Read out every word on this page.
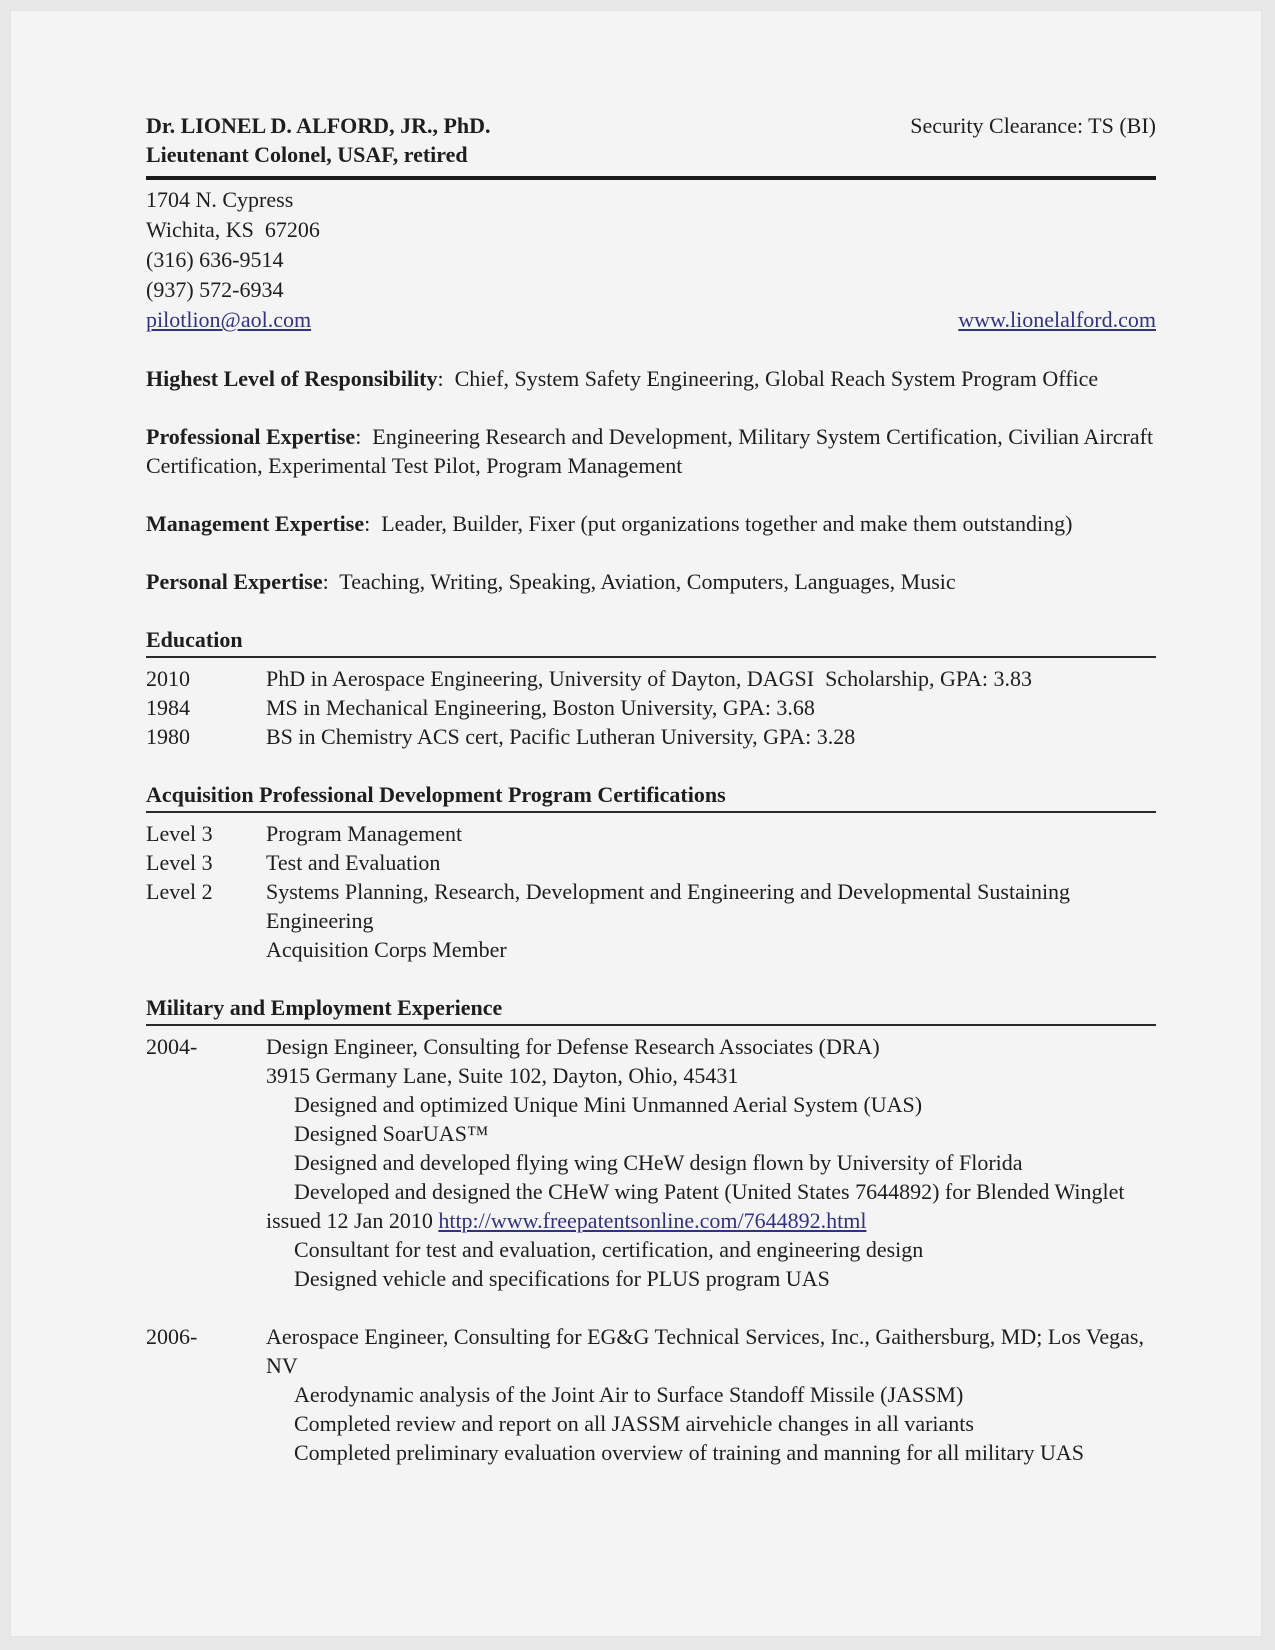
Dr. LIONEL D. ALFORD, JR., PhD.	Security Clearance: TS (BI)
Lieutenant Colonel, USAF, retired
1704 N. Cypress
Wichita, KS  67206
(316) 636-9514
(937) 572-6934
pilotlion@aol.com	www.lionelalford.com
Highest Level of Responsibility:  Chief, System Safety Engineering, Global Reach System Program Office
Professional Expertise:  Engineering Research and Development, Military System Certification, Civilian Aircraft Certification, Experimental Test Pilot, Program Management
Management Expertise:  Leader, Builder, Fixer (put organizations together and make them outstanding)
Personal Expertise:  Teaching, Writing, Speaking, Aviation, Computers, Languages, Music
Education
2010	PhD in Aerospace Engineering, University of Dayton, DAGSI  Scholarship, GPA: 3.83
1984	MS in Mechanical Engineering, Boston University, GPA: 3.68
1980	BS in Chemistry ACS cert, Pacific Lutheran University, GPA: 3.28
Acquisition Professional Development Program Certifications
Level 3 Program Management
Level 3 Test and Evaluation
Level 2 Systems Planning, Research, Development and Engineering and Developmental Sustaining Engineering
Acquisition Corps Member
Military and Employment Experience
2004-	Design Engineer, Consulting for Defense Research Associates (DRA)
3915 Germany Lane, Suite 102, Dayton, Ohio, 45431
Designed and optimized Unique Mini Unmanned Aerial System (UAS)
Designed SoarUAS™
Designed and developed flying wing CHeW design flown by University of Florida
Developed and designed the CHeW wing Patent (United States 7644892) for Blended Winglet issued 12 Jan 2010 http://www.freepatentsonline.com/7644892.html
Consultant for test and evaluation, certification, and engineering design
Designed vehicle and specifications for PLUS program UAS
2006-	Aerospace Engineer, Consulting for EG&G Technical Services, Inc., Gaithersburg, MD; Los Vegas, NV
Aerodynamic analysis of the Joint Air to Surface Standoff Missile (JASSM)
Completed review and report on all JASSM airvehicle changes in all variants
Completed preliminary evaluation overview of training and manning for all military UAS
